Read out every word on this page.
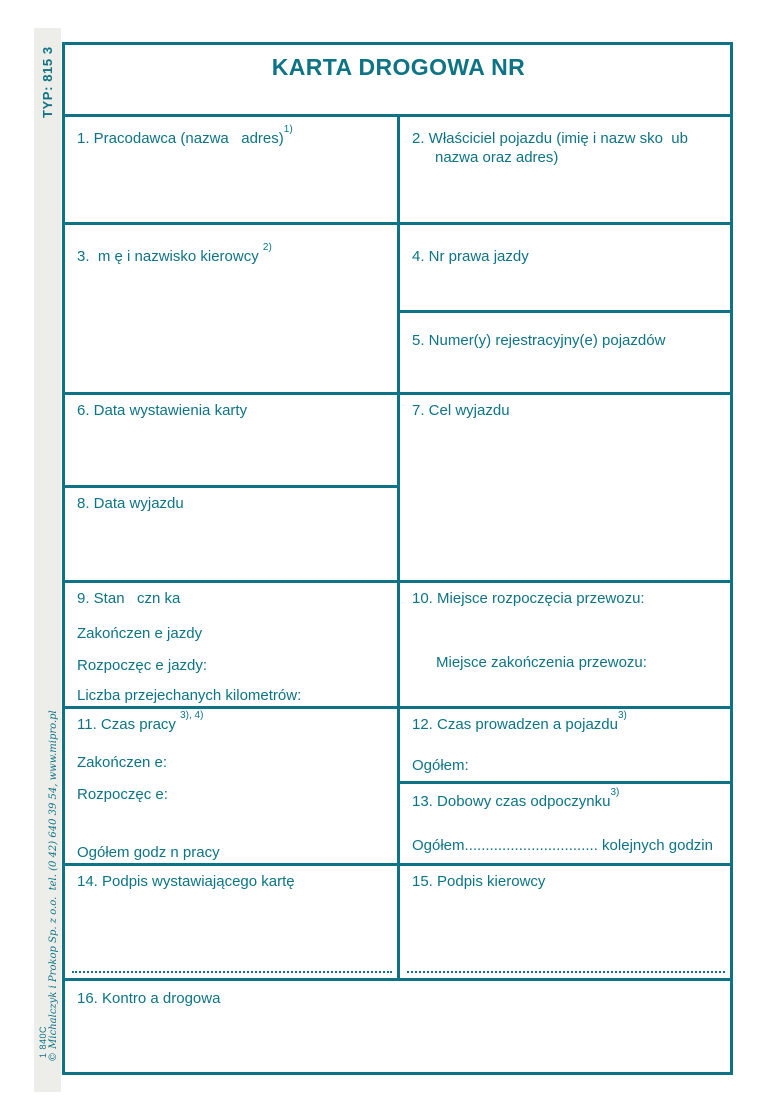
TYP: 815 3
© Michalczyk i Prokop Sp. z o.o.  tel. (0 42) 640 39 54, www.mipro.pl
1 840C
KARTA DROGOWA NR
1. Pracodawca (nazwa   adres)$^{1)}$
2. Właściciel pojazdu (imię i nazw sko  ub
nazwa oraz adres)
3.  m ę i nazwisko kierowcy $^{2)}$
4. Nr prawa jazdy
5. Numer(y) rejestracyjny(e) pojazdów
6. Data wystawienia karty	7. Cel wyjazdu
8. Data wyjazdu
9. Stan   czn ka
Zakończen e jazdy
Rozpoczęc e jazdy:
Liczba przejechanych kilometrów:
10. Miejsce rozpoczęcia przewozu:
Miejsce zakończenia przewozu:
11. Czas pracy $^{3), 4)}$
Zakończen e:
Rozpoczęc e:
Ogółem godz n pracy
12. Czas prowadzen a pojazdu$^{3)}$
Ogółem:
13. Dobowy czas odpoczynku$^{3)}$
Ogółem................................ kolejnych godzin
14. Podpis wystawiającego kartę	15. Podpis kierowcy
16. Kontro a drogowa
